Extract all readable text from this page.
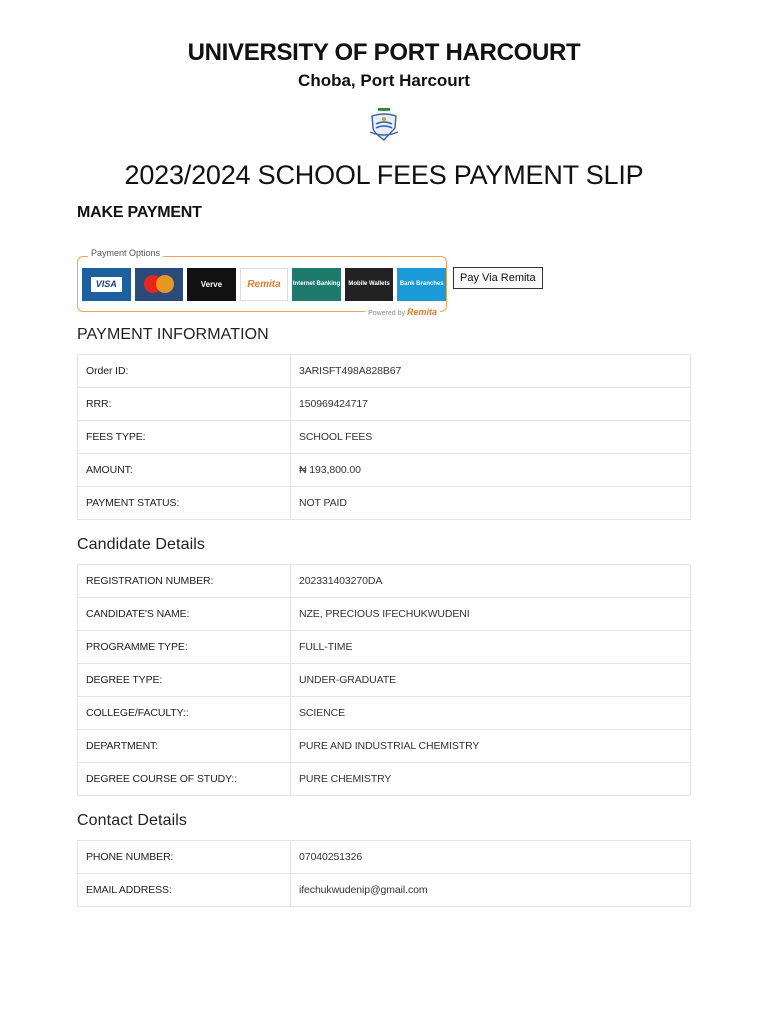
UNIVERSITY OF PORT HARCOURT
Choba, Port Harcourt
2023/2024 SCHOOL FEES PAYMENT SLIP
MAKE PAYMENT
Payment Options
VISA	Verve	Remita	Internet Banking	Mobile Wallets	Bank Branches
Powered by Remita
Pay Via Remita
PAYMENT INFORMATION
Order ID:	3ARISFT498A828B67
RRR:	150969424717
FEES TYPE:	SCHOOL FEES
AMOUNT:	₦ 193,800.00
PAYMENT STATUS:	NOT PAID
Candidate Details
REGISTRATION NUMBER:	202331403270DA
CANDIDATE'S NAME:	NZE, PRECIOUS IFECHUKWUDENI
PROGRAMME TYPE:	FULL-TIME
DEGREE TYPE:	UNDER-GRADUATE
COLLEGE/FACULTY::	SCIENCE
DEPARTMENT:	PURE AND INDUSTRIAL CHEMISTRY
DEGREE COURSE OF STUDY::	PURE CHEMISTRY
Contact Details
PHONE NUMBER:	07040251326
EMAIL ADDRESS:	ifechukwudenip@gmail.com
